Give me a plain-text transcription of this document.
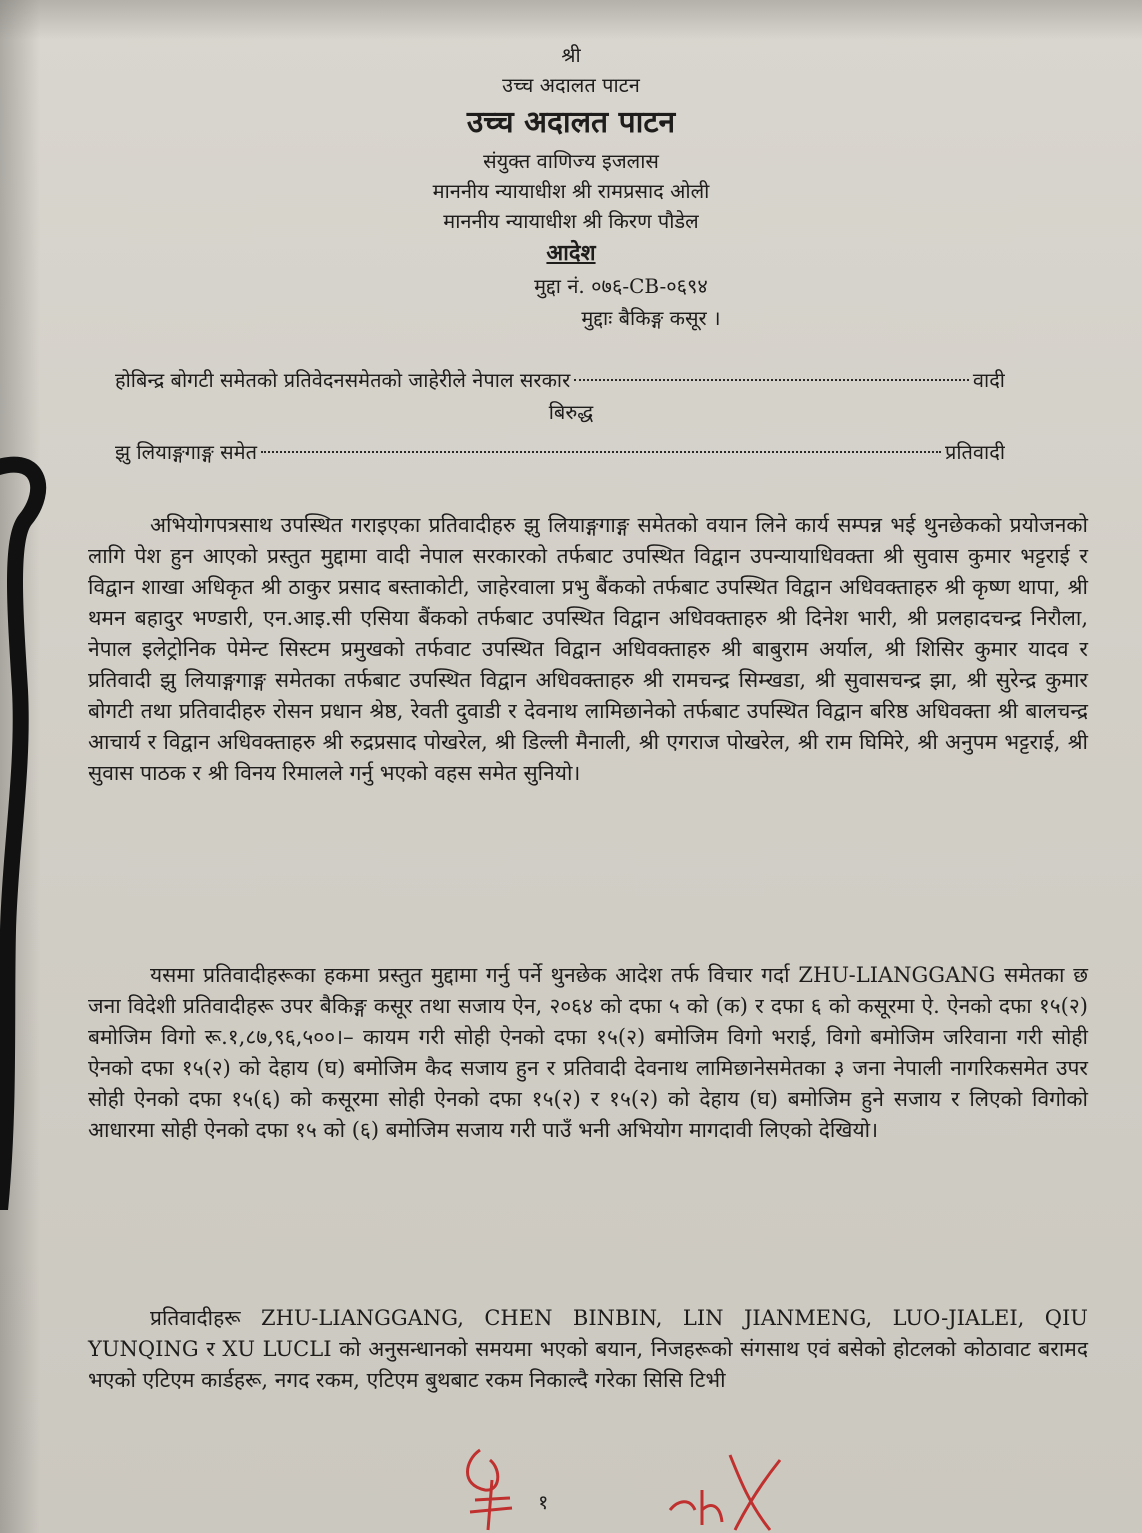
श्री
उच्च अदालत पाटन
उच्च अदालत पाटन
संयुक्त वाणिज्य इजलास
माननीय न्यायाधीश श्री रामप्रसाद ओली
माननीय न्यायाधीश श्री किरण पौडेल
आदेश
मुद्दा नं. ०७६-CB-०६९४
मुद्दाः बैकिङ्ग कसूर ।
होबिन्द्र बोगटी समेतको प्रतिवेदनसमेतको जाहेरीले नेपाल सरकार	वादी
बिरुद्ध
झु लियाङ्गगाङ्ग समेत	प्रतिवादी

अभियोगपत्रसाथ उपस्थित गराइएका प्रतिवादीहरु झु लियाङ्गगाङ्ग समेतको वयान लिने कार्य सम्पन्न भई थुनछेकको प्रयोजनको लागि पेश हुन आएको प्रस्तुत मुद्दामा वादी नेपाल सरकारको तर्फबाट उपस्थित विद्वान उपन्यायाधिवक्ता श्री सुवास कुमार भट्टराई र विद्वान शाखा अधिकृत श्री ठाकुर प्रसाद बस्ताकोटी, जाहेरवाला प्रभु बैंकको तर्फबाट उपस्थित विद्वान अधिवक्ताहरु श्री कृष्ण थापा, श्री थमन बहादुर भण्डारी, एन.आइ.सी एसिया बैंकको तर्फबाट उपस्थित विद्वान अधिवक्ताहरु श्री दिनेश भारी, श्री प्रलहादचन्द्र निरौला, नेपाल इलेट्रोनिक पेमेन्ट सिस्टम प्रमुखको तर्फवाट उपस्थित विद्वान अधिवक्ताहरु श्री बाबुराम अर्याल, श्री शिसिर कुमार यादव र प्रतिवादी झु लियाङ्गगाङ्ग समेतका तर्फबाट उपस्थित विद्वान अधिवक्ताहरु श्री रामचन्द्र सिम्खडा, श्री सुवासचन्द्र झा, श्री सुरेन्द्र कुमार बोगटी तथा प्रतिवादीहरु रोसन प्रधान श्रेष्ठ, रेवती दुवाडी र देवनाथ लामिछानेको तर्फबाट उपस्थित विद्वान बरिष्ठ अधिवक्ता श्री बालचन्द्र आचार्य र विद्वान अधिवक्ताहरु श्री रुद्रप्रसाद पोखरेल, श्री डिल्ली मैनाली, श्री एगराज पोखरेल, श्री राम घिमिरे, श्री अनुपम भट्टराई, श्री सुवास पाठक र श्री विनय रिमालले गर्नु भएको वहस समेत सुनियो।

यसमा प्रतिवादीहरूका हकमा प्रस्तुत मुद्दामा गर्नु पर्ने थुनछेक आदेश तर्फ विचार गर्दा ZHU-LIANGGANG समेतका छ जना विदेशी प्रतिवादीहरू उपर बैकिङ्ग कसूर तथा सजाय ऐन, २०६४ को दफा ५ को (क) र दफा ६ को कसूरमा ऐ. ऐनको दफा १५(२) बमोजिम विगो रू.१,८७,९६,५००।– कायम गरी सोही ऐनको दफा १५(२) बमोजिम विगो भराई, विगो बमोजिम जरिवाना गरी सोही ऐनको दफा १५(२) को देहाय (घ) बमोजिम कैद सजाय हुन र प्रतिवादी देवनाथ लामिछानेसमेतका ३ जना नेपाली नागरिकसमेत उपर सोही ऐनको दफा १५(६) को कसूरमा सोही ऐनको दफा १५(२) र १५(२) को देहाय (घ) बमोजिम हुने सजाय र लिएको विगोको आधारमा सोही ऐनको दफा १५ को (६) बमोजिम सजाय गरी पाउँ भनी अभियोग मागदावी लिएको देखियो।

प्रतिवादीहरू ZHU-LIANGGANG, CHEN BINBIN, LIN JIANMENG, LUO-JIALEI, QIU YUNQING र XU LUCLI को अनुसन्धानको समयमा भएको बयान, निजहरूको संगसाथ एवं बसेको होटलको कोठावाट बरामद भएको एटिएम कार्डहरू, नगद रकम, एटिएम बुथबाट रकम निकाल्दै गरेका सिसि टिभी

१
